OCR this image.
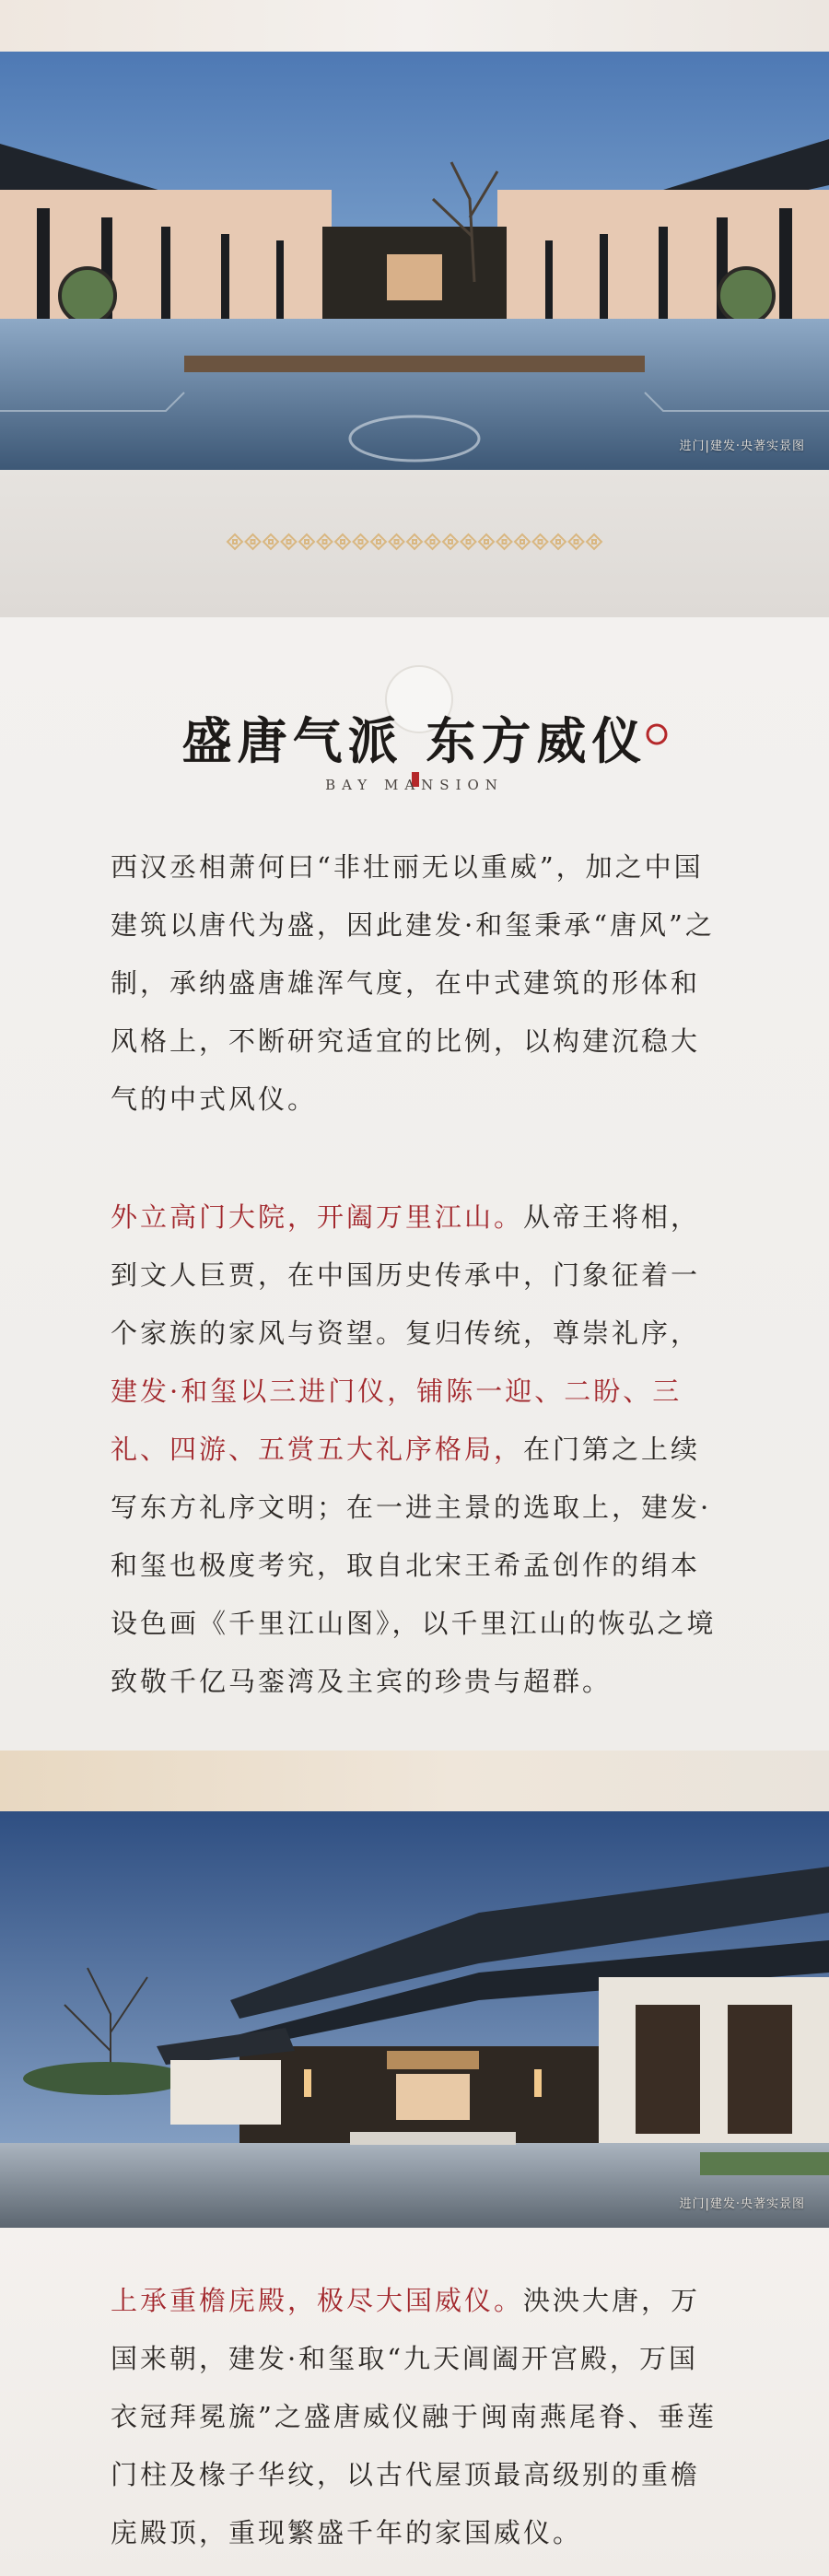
进门|建发·央著实景图
盛唐气派 东方威仪
BAY MANSION

西汉丞相萧何曰“非壮丽无以重威”，加之中国建筑以唐代为盛，因此建发·和玺秉承“唐风”之制，承纳盛唐雄浑气度，在中式建筑的形体和风格上，不断研究适宜的比例，以构建沉稳大气的中式风仪。

外立高门大院，开阖万里江山。从帝王将相，到文人巨贾，在中国历史传承中，门象征着一个家族的家风与资望。复归传统，尊崇礼序，建发·和玺以三进门仪，铺陈一迎、二盼、三礼、四游、五赏五大礼序格局，在门第之上续写东方礼序文明；在一进主景的选取上，建发·和玺也极度考究，取自北宋王希孟创作的绢本设色画《千里江山图》，以千里江山的恢弘之境致敬千亿马銮湾及主宾的珍贵与超群。

进门|建发·央著实景图

上承重檐庑殿，极尽大国威仪。泱泱大唐，万国来朝，建发·和玺取“九天阊阖开宫殿，万国衣冠拜冕旒”之盛唐威仪融于闽南燕尾脊、垂莲门柱及椽子华纹，以古代屋顶最高级别的重檐庑殿顶，重现繁盛千年的家国威仪。
